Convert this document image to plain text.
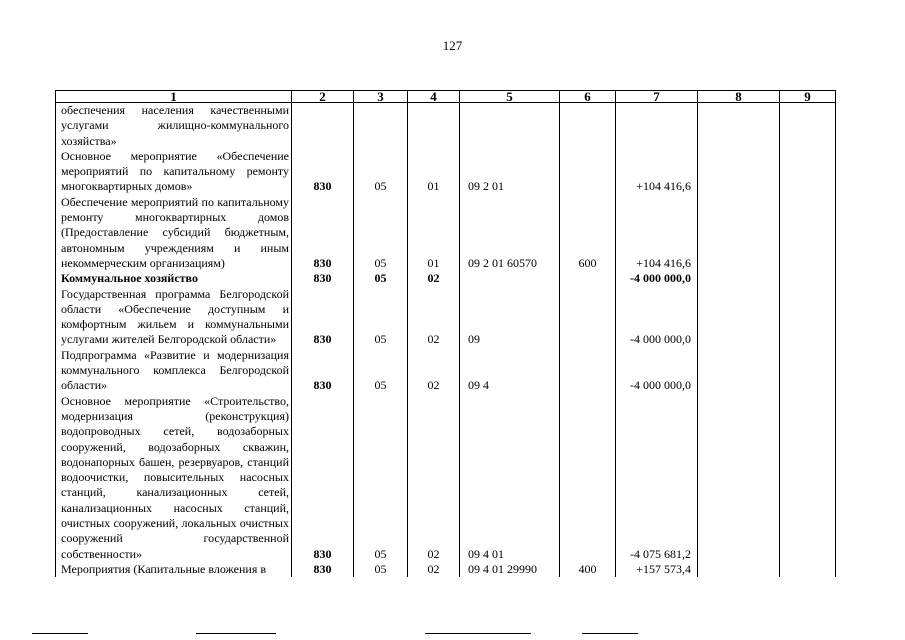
127
1	2	3	4	5	6	7	8	9
обеспечения населения качественными услугами жилищно-коммунального хозяйства»								
Основное мероприятие «Обеспечение мероприятий по капитальному ремонту многоквартирных домов»	830	05	01	09 2 01		+104 416,6		
Обеспечение мероприятий по капитальному ремонту многоквартирных домов (Предоставление субсидий бюджетным, автономным учреждениям и иным некоммерческим организациям)	830	05	01	09 2 01 60570	600	+104 416,6		
Коммунальное хозяйство	830	05	02			-4 000 000,0		
Государственная программа Белгородской области «Обеспечение доступным и комфортным жильем и коммунальными услугами жителей Белгородской области»	830	05	02	09		-4 000 000,0		
Подпрограмма «Развитие и модернизация коммунального комплекса Белгородской области»	830	05	02	09 4		-4 000 000,0		
Основное мероприятие «Строительство, модернизация (реконструкция) водопроводных сетей, водозаборных сооружений, водозаборных скважин, водонапорных башен, резервуаров, станций водоочистки, повысительных насосных станций, канализационных сетей, канализационных насосных станций, очистных сооружений, локальных очистных сооружений государственной собственности»	830	05	02	09 4 01		-4 075 681,2		
Мероприятия (Капитальные вложения в	830	05	02	09 4 01 29990	400	+157 573,4		
